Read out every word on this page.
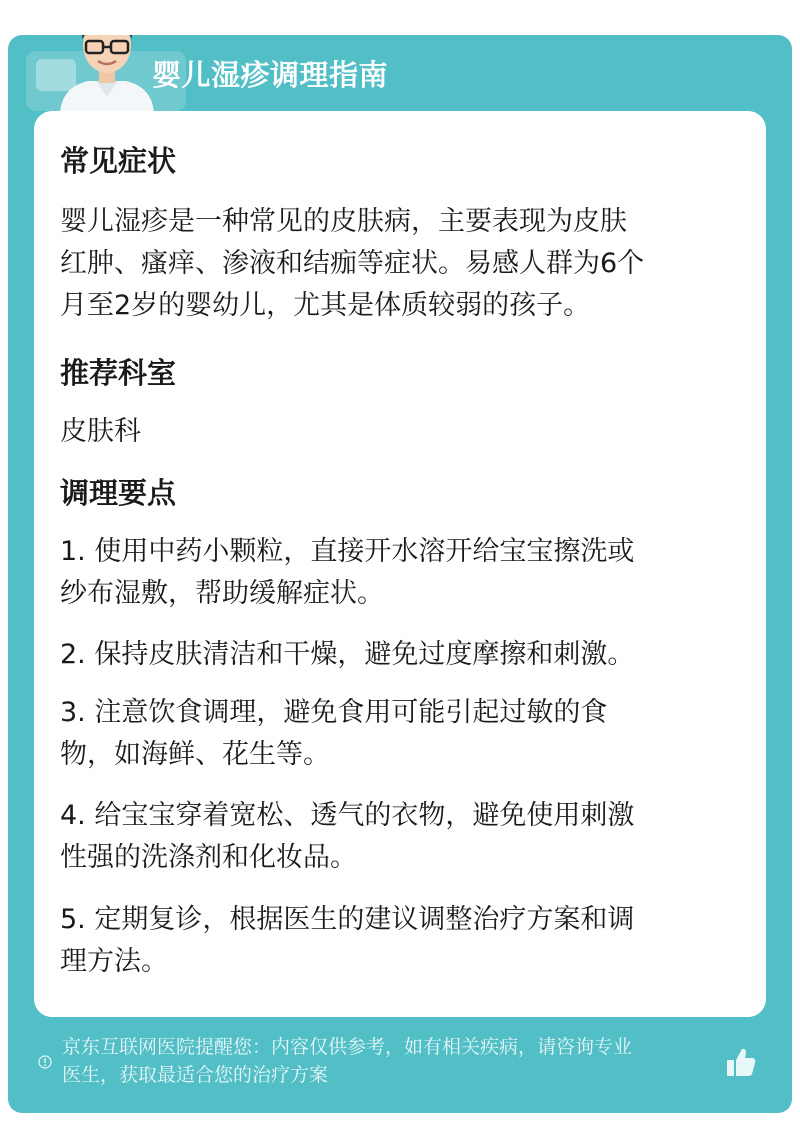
婴儿湿疹调理指南
常见症状
婴儿湿疹是一种常见的皮肤病，主要表现为皮肤
红肿、瘙痒、渗液和结痂等症状。易感人群为6个
月至2岁的婴幼儿，尤其是体质较弱的孩子。
推荐科室
皮肤科
调理要点
1. 使用中药小颗粒，直接开水溶开给宝宝擦洗或
纱布湿敷，帮助缓解症状。
2. 保持皮肤清洁和干燥，避免过度摩擦和刺激。
3. 注意饮食调理，避免食用可能引起过敏的食
物，如海鲜、花生等。
4. 给宝宝穿着宽松、透气的衣物，避免使用刺激
性强的洗涤剂和化妆品。
5. 定期复诊，根据医生的建议调整治疗方案和调
理方法。
京东互联网医院提醒您：内容仅供参考，如有相关疾病，请咨询专业
医生，获取最适合您的治疗方案
